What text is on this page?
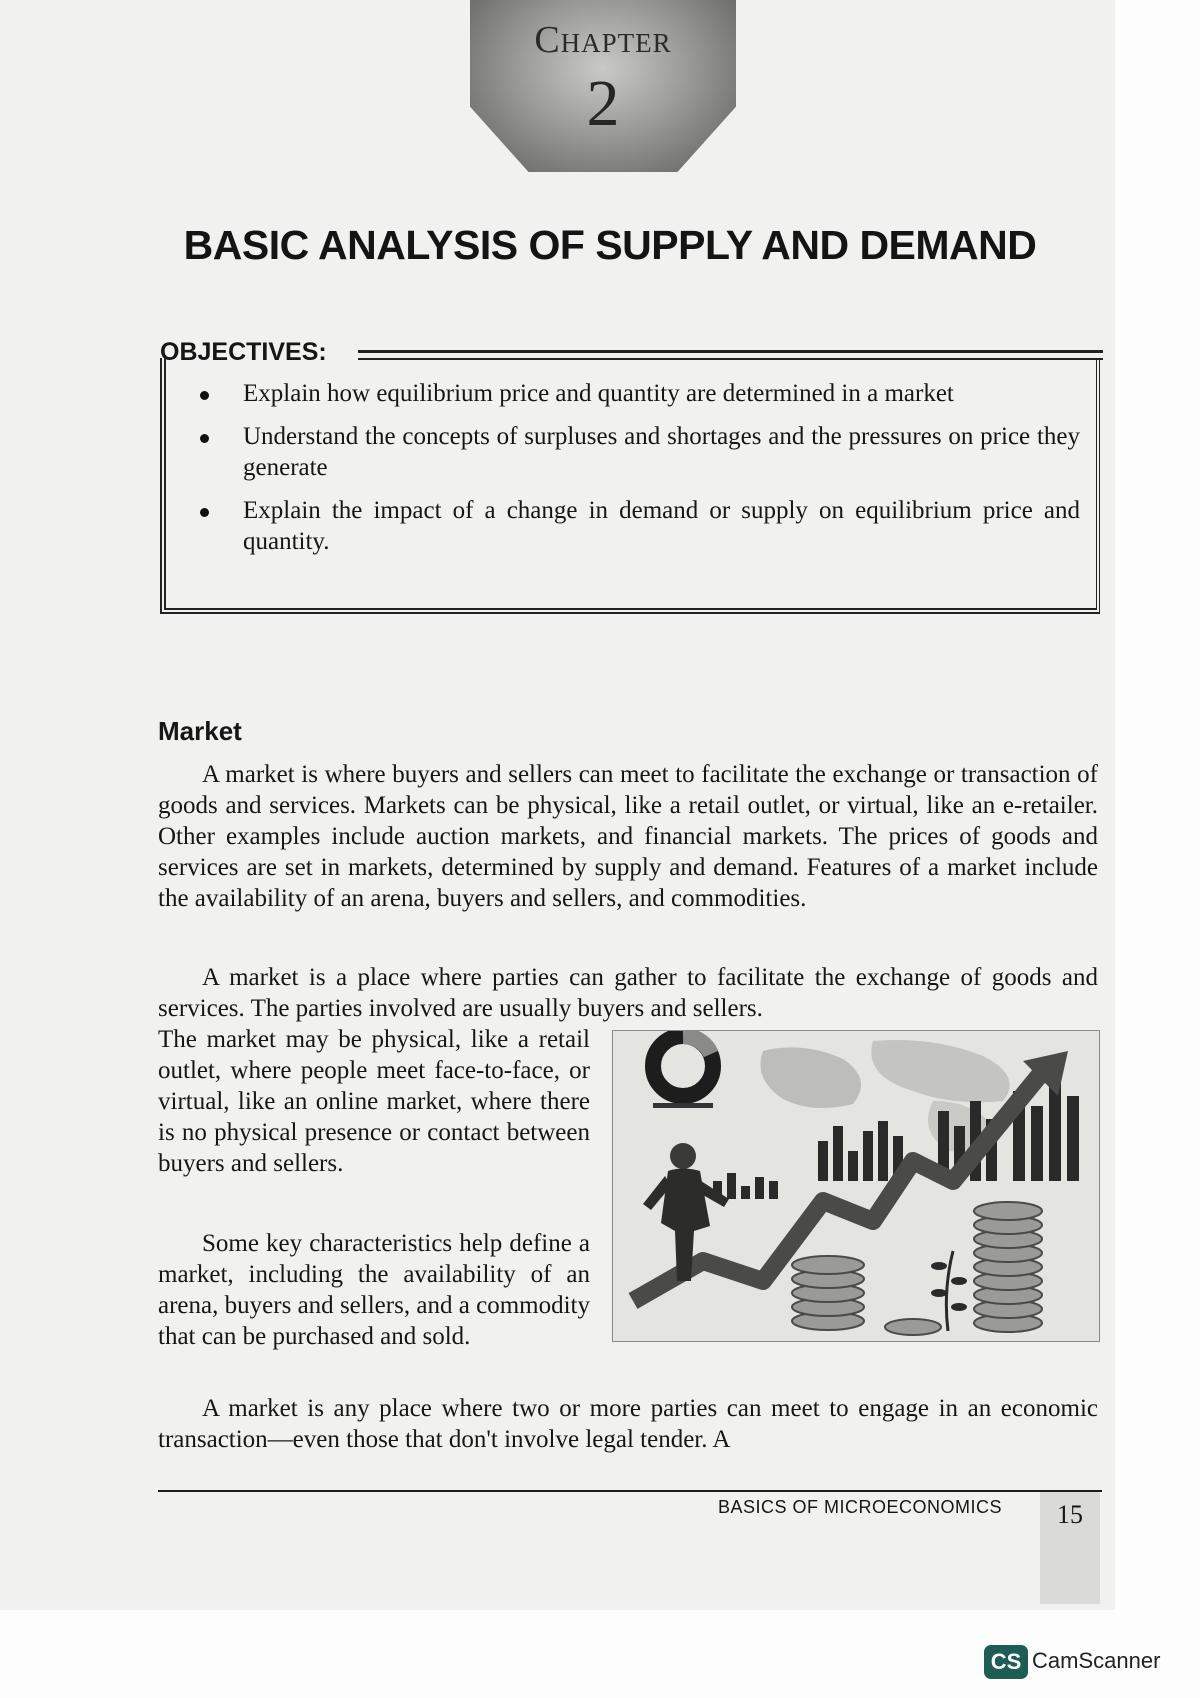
Chapter
2
BASIC ANALYSIS OF SUPPLY AND DEMAND
OBJECTIVES:
Explain how equilibrium price and quantity are determined in a market
Understand the concepts of surpluses and shortages and the pressures on price they generate
Explain the impact of a change in demand or supply on equilibrium price and quantity.
Market

A market is where buyers and sellers can meet to facilitate the exchange or transaction of goods and services. Markets can be physical, like a retail outlet, or virtual, like an e-retailer. Other examples include auction markets, and financial markets. The prices of goods and services are set in markets, determined by supply and demand. Features of a market include the availability of an arena, buyers and sellers, and commodities.

A market is a place where parties can gather to facilitate the exchange of goods and services. The parties involved are usually buyers and sellers.

The market may be physical, like a retail outlet, where people meet face-to-face, or virtual, like an online market, where there is no physical presence or contact between buyers and sellers.

Some key characteristics help define a market, including the availability of an arena, buyers and sellers, and a commodity that can be purchased and sold.

A market is any place where two or more parties can meet to engage in an economic transaction—even those that don't involve legal tender. A

BASICS OF MICROECONOMICS	15
CS CamScanner
